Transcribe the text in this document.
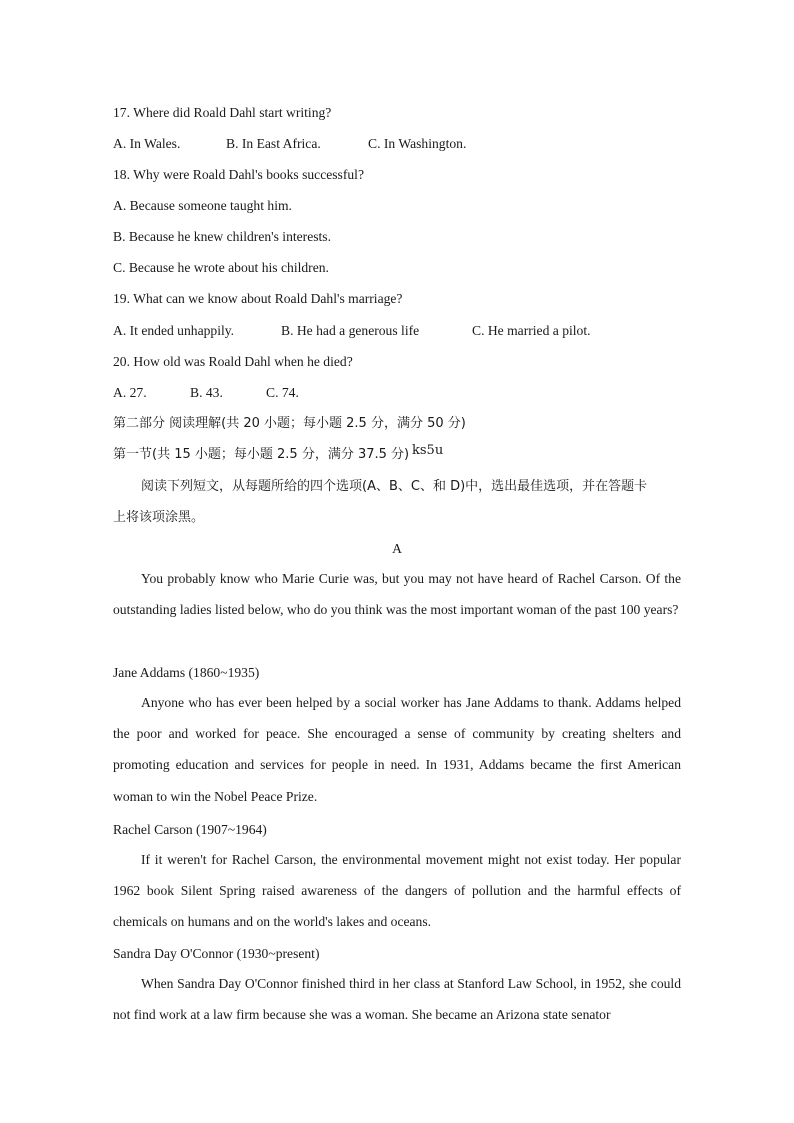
17. Where did Roald Dahl start writing?
A. In Wales.	B. In East Africa.	C. In Washington.
18. Why were Roald Dahl's books successful?
A. Because someone taught him.
B. Because he knew children's interests.
C. Because he wrote about his children.
19. What can we know about Roald Dahl's marriage?
A. It ended unhappily.	B. He had a generous life	C. He married a pilot.
20. How old was Roald Dahl when he died?
A. 27.	B. 43.	C. 74.
第二部分 阅读理解(共 20 小题；每小题 2.5 分，满分 50 分)
第一节(共 15 小题；每小题 2.5 分，满分 37.5 分) ks5u
阅读下列短文，从每题所给的四个选项(A、B、C、和 D)中，选出最佳选项，并在答题卡
上将该项涂黑。
A
You probably know who Marie Curie was, but you may not have heard of Rachel Carson. Of the outstanding ladies listed below, who do you think was the most important woman of the past 100 years?
Jane Addams (1860~1935)
Anyone who has ever been helped by a social worker has Jane Addams to thank. Addams helped the poor and worked for peace. She encouraged a sense of community by creating shelters and promoting education and services for people in need. In 1931, Addams became the first American woman to win the Nobel Peace Prize.
Rachel Carson (1907~1964)
If it weren't for Rachel Carson, the environmental movement might not exist today. Her popular 1962 book Silent Spring raised awareness of the dangers of pollution and the harmful effects of chemicals on humans and on the world's lakes and oceans.
Sandra Day O'Connor (1930~present)
When Sandra Day O'Connor finished third in her class at Stanford Law School, in 1952, she could not find work at a law firm because she was a woman. She became an Arizona state senator
